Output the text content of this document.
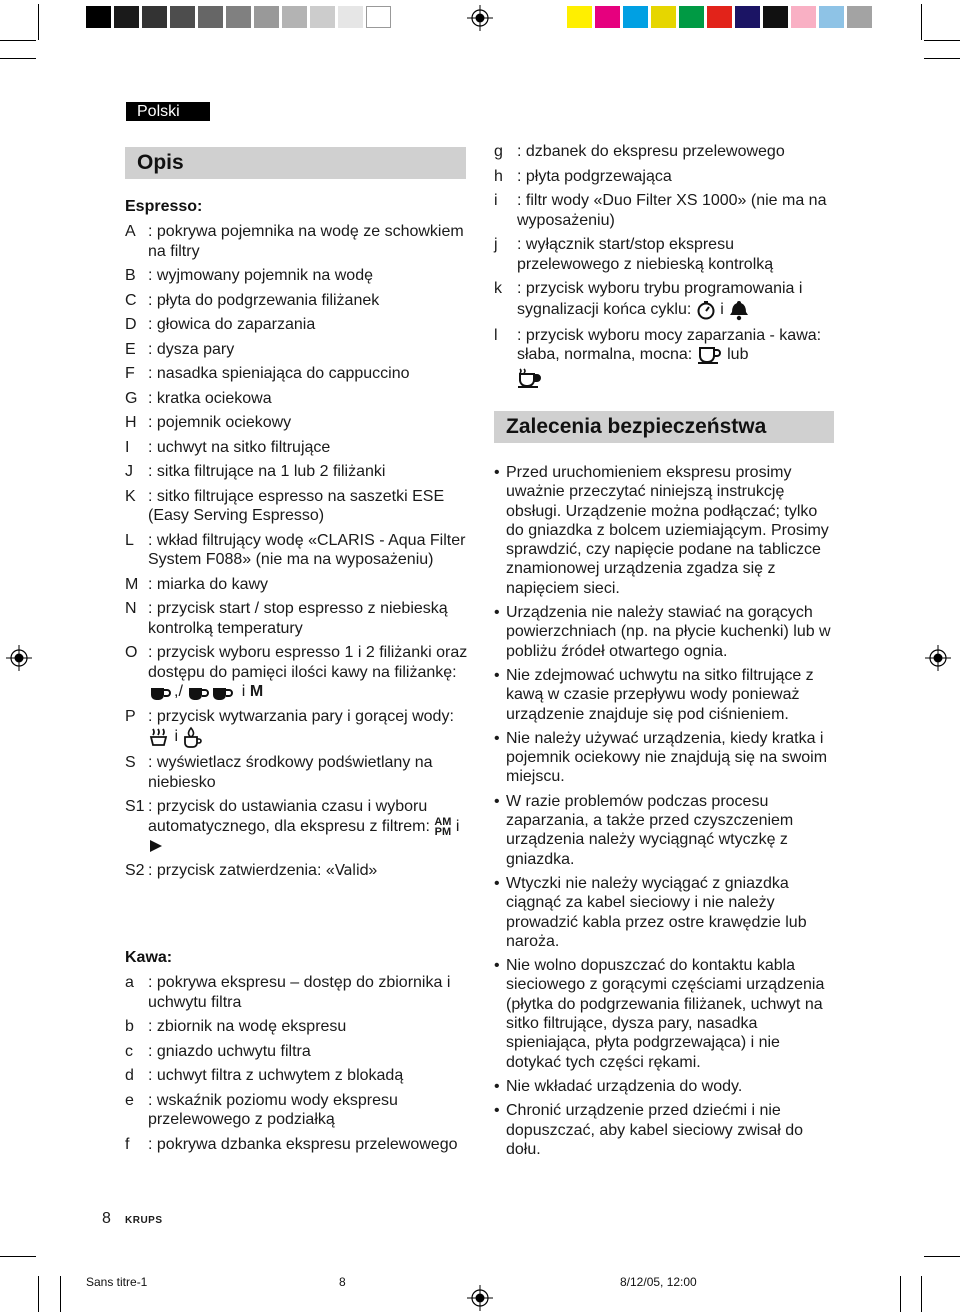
Polski
Opis
Espresso:
A : pokrywa pojemnika na wodę ze schowkiem na filtry
B : wyjmowany pojemnik na wodę
C : płyta do podgrzewania filiżanek
D : głowica do zaparzania
E : dysza pary
F : nasadka spieniająca do cappuccino
G : kratka ociekowa
H : pojemnik ociekowy
I	: uchwyt na sitko filtrujące
J : sitka filtrujące na 1 lub 2 filiżanki
K : sitko filtrujące espresso na saszetki ESE (Easy Serving Espresso)
L : wkład filtrujący wodę «CLARIS - Aqua Filter System F088» (nie ma na wyposażeniu)
M : miarka do kawy
N : przycisk start / stop espresso z niebieską kontrolką temperatury
O : przycisk wyboru espresso 1 i 2 filiżanki oraz dostępu do pamięci ilości kawy na filiżankę: ,/	i M
P : przycisk wytwarzania pary i gorącej wody:  i
S : wyświetlacz środkowy podświetlany na niebiesko
S1 : przycisk do ustawiania czasu i wyboru automatycznego, dla ekspresu z filtrem: AM
PM i
S2 : przycisk zatwierdzenia: «Valid»
Kawa:
a : pokrywa ekspresu – dostęp do zbiornika i uchwytu filtra
b : zbiornik na wodę ekspresu
c : gniazdo uchwytu filtra
d : uchwyt filtra z uchwytem z blokadą
e : wskaźnik poziomu wody ekspresu przelewowego z podziałką
f	: pokrywa dzbanka ekspresu przelewowego
g : dzbanek do ekspresu przelewowego
h : płyta podgrzewająca
i	: filtr wody «Duo Filter XS 1000» (nie ma na wyposażeniu)
j	: wyłącznik start/stop ekspresu przelewowego z niebieską kontrolką
k : przycisk wyboru trybu programowania i sygnalizacji końca cyklu: i
l	: przycisk wyboru mocy zaparzania - kawa: słaba, normalna, mocna: lub
Zalecenia bezpieczeństwa
• Przed uruchomieniem ekspresu prosimy uważnie przeczytać niniejszą instrukcję obsługi. Urządzenie można podłączać; tylko do gniazdka z bolcem uziemiającym. Prosimy sprawdzić, czy napięcie podane na tabliczce znamionowej urządzenia zgadza się z napięciem sieci.
• Urządzenia nie należy stawiać na gorących powierzchniach (np. na płycie kuchenki) lub w pobliżu źródeł otwartego ognia.
• Nie zdejmować uchwytu na sitko filtrujące z kawą w czasie przepływu wody ponieważ urządzenie znajduje się pod ciśnieniem.
• Nie należy używać urządzenia, kiedy kratka i pojemnik ociekowy nie znajdują się na swoim miejscu.
• W razie problemów podczas procesu zaparzania, a także przed czyszczeniem urządzenia należy wyciągnąć wtyczkę z gniazdka.
• Wtyczki nie należy wyciągać z gniazdka ciągnąć za kabel sieciowy i nie należy prowadzić kabla przez ostre krawędzie lub naroża.
• Nie wolno dopuszczać do kontaktu kabla sieciowego z gorącymi częściami urządzenia (płytka do podgrzewania filiżanek, uchwyt na sitko filtrujące, dysza pary, nasadka spieniająca, płyta podgrzewająca) i nie dotykać tych części rękami.
• Nie wkładać urządzenia do wody.
• Chronić urządzenie przed dziećmi i nie dopuszczać, aby kabel sieciowy zwisał do dołu.
8 KRUPS
Sans titre-1	8	8/12/05, 12:00
